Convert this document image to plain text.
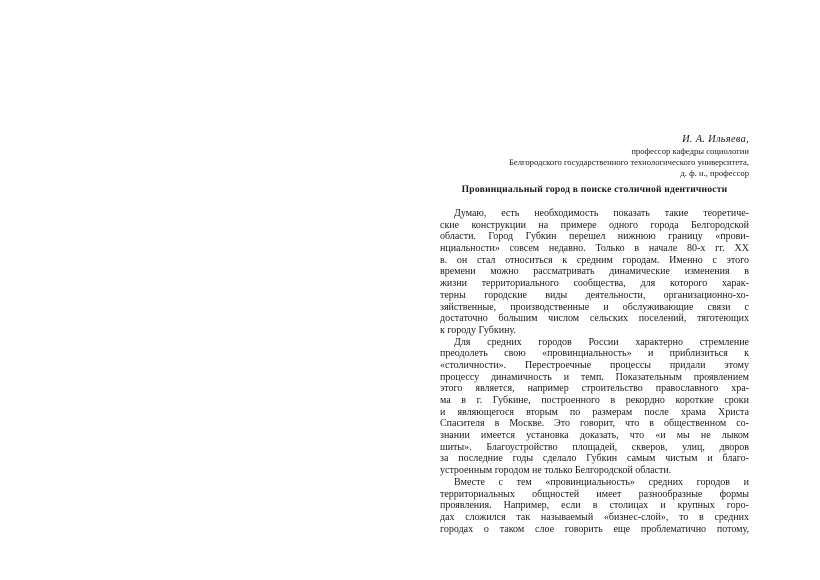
И. А. Ильяева,
профессор кафедры социологии
Белгородского государственного технологического университета,
д. ф. н., профессор
Провинциальный город в поиске столичной идентичности
Думаю, есть необходимость показать такие теоретиче-
ские конструкции на примере одного города Белгородской
области. Город Губкин перешел нижнюю границу «прови-
нциальности» совсем недавно. Только в начале 80-х гг. XX
в. он стал относиться к средним городам. Именно с этого
времени можно рассматривать динамические изменения в
жизни территориального сообщества, для которого харак-
терны городские виды деятельности, организационно-хо-
зяйственные, производственные и обслуживающие связи с
достаточно большим числом сельских поселений, тяготеющих
к городу Губкину.
Для средних городов России характерно стремление
преодолеть свою «провинциальность» и приблизиться к
«столичности». Перестроечные процессы придали этому
процессу динамичность и темп. Показательным проявлением
этого является, например строительство православного хра-
ма в г. Губкине, построенного в рекордно короткие сроки
и являющегося вторым по размерам после храма Христа
Спасителя в Москве. Это говорит, что в общественном со-
знании имеется установка доказать, что «и мы не лыком
шиты». Благоустройство площадей, скверов, улиц, дворов
за последние годы сделало Губкин самым чистым и благо-
устроенным городом не только Белгородской области.
Вместе с тем «провинциальность» средних городов и
территориальных общностей имеет разнообразные формы
проявления. Например, если в столицах и крупных горо-
дах сложился так называемый «бизнес-слой», то в средних
городах о таком слое говорить еще проблематично потому,
